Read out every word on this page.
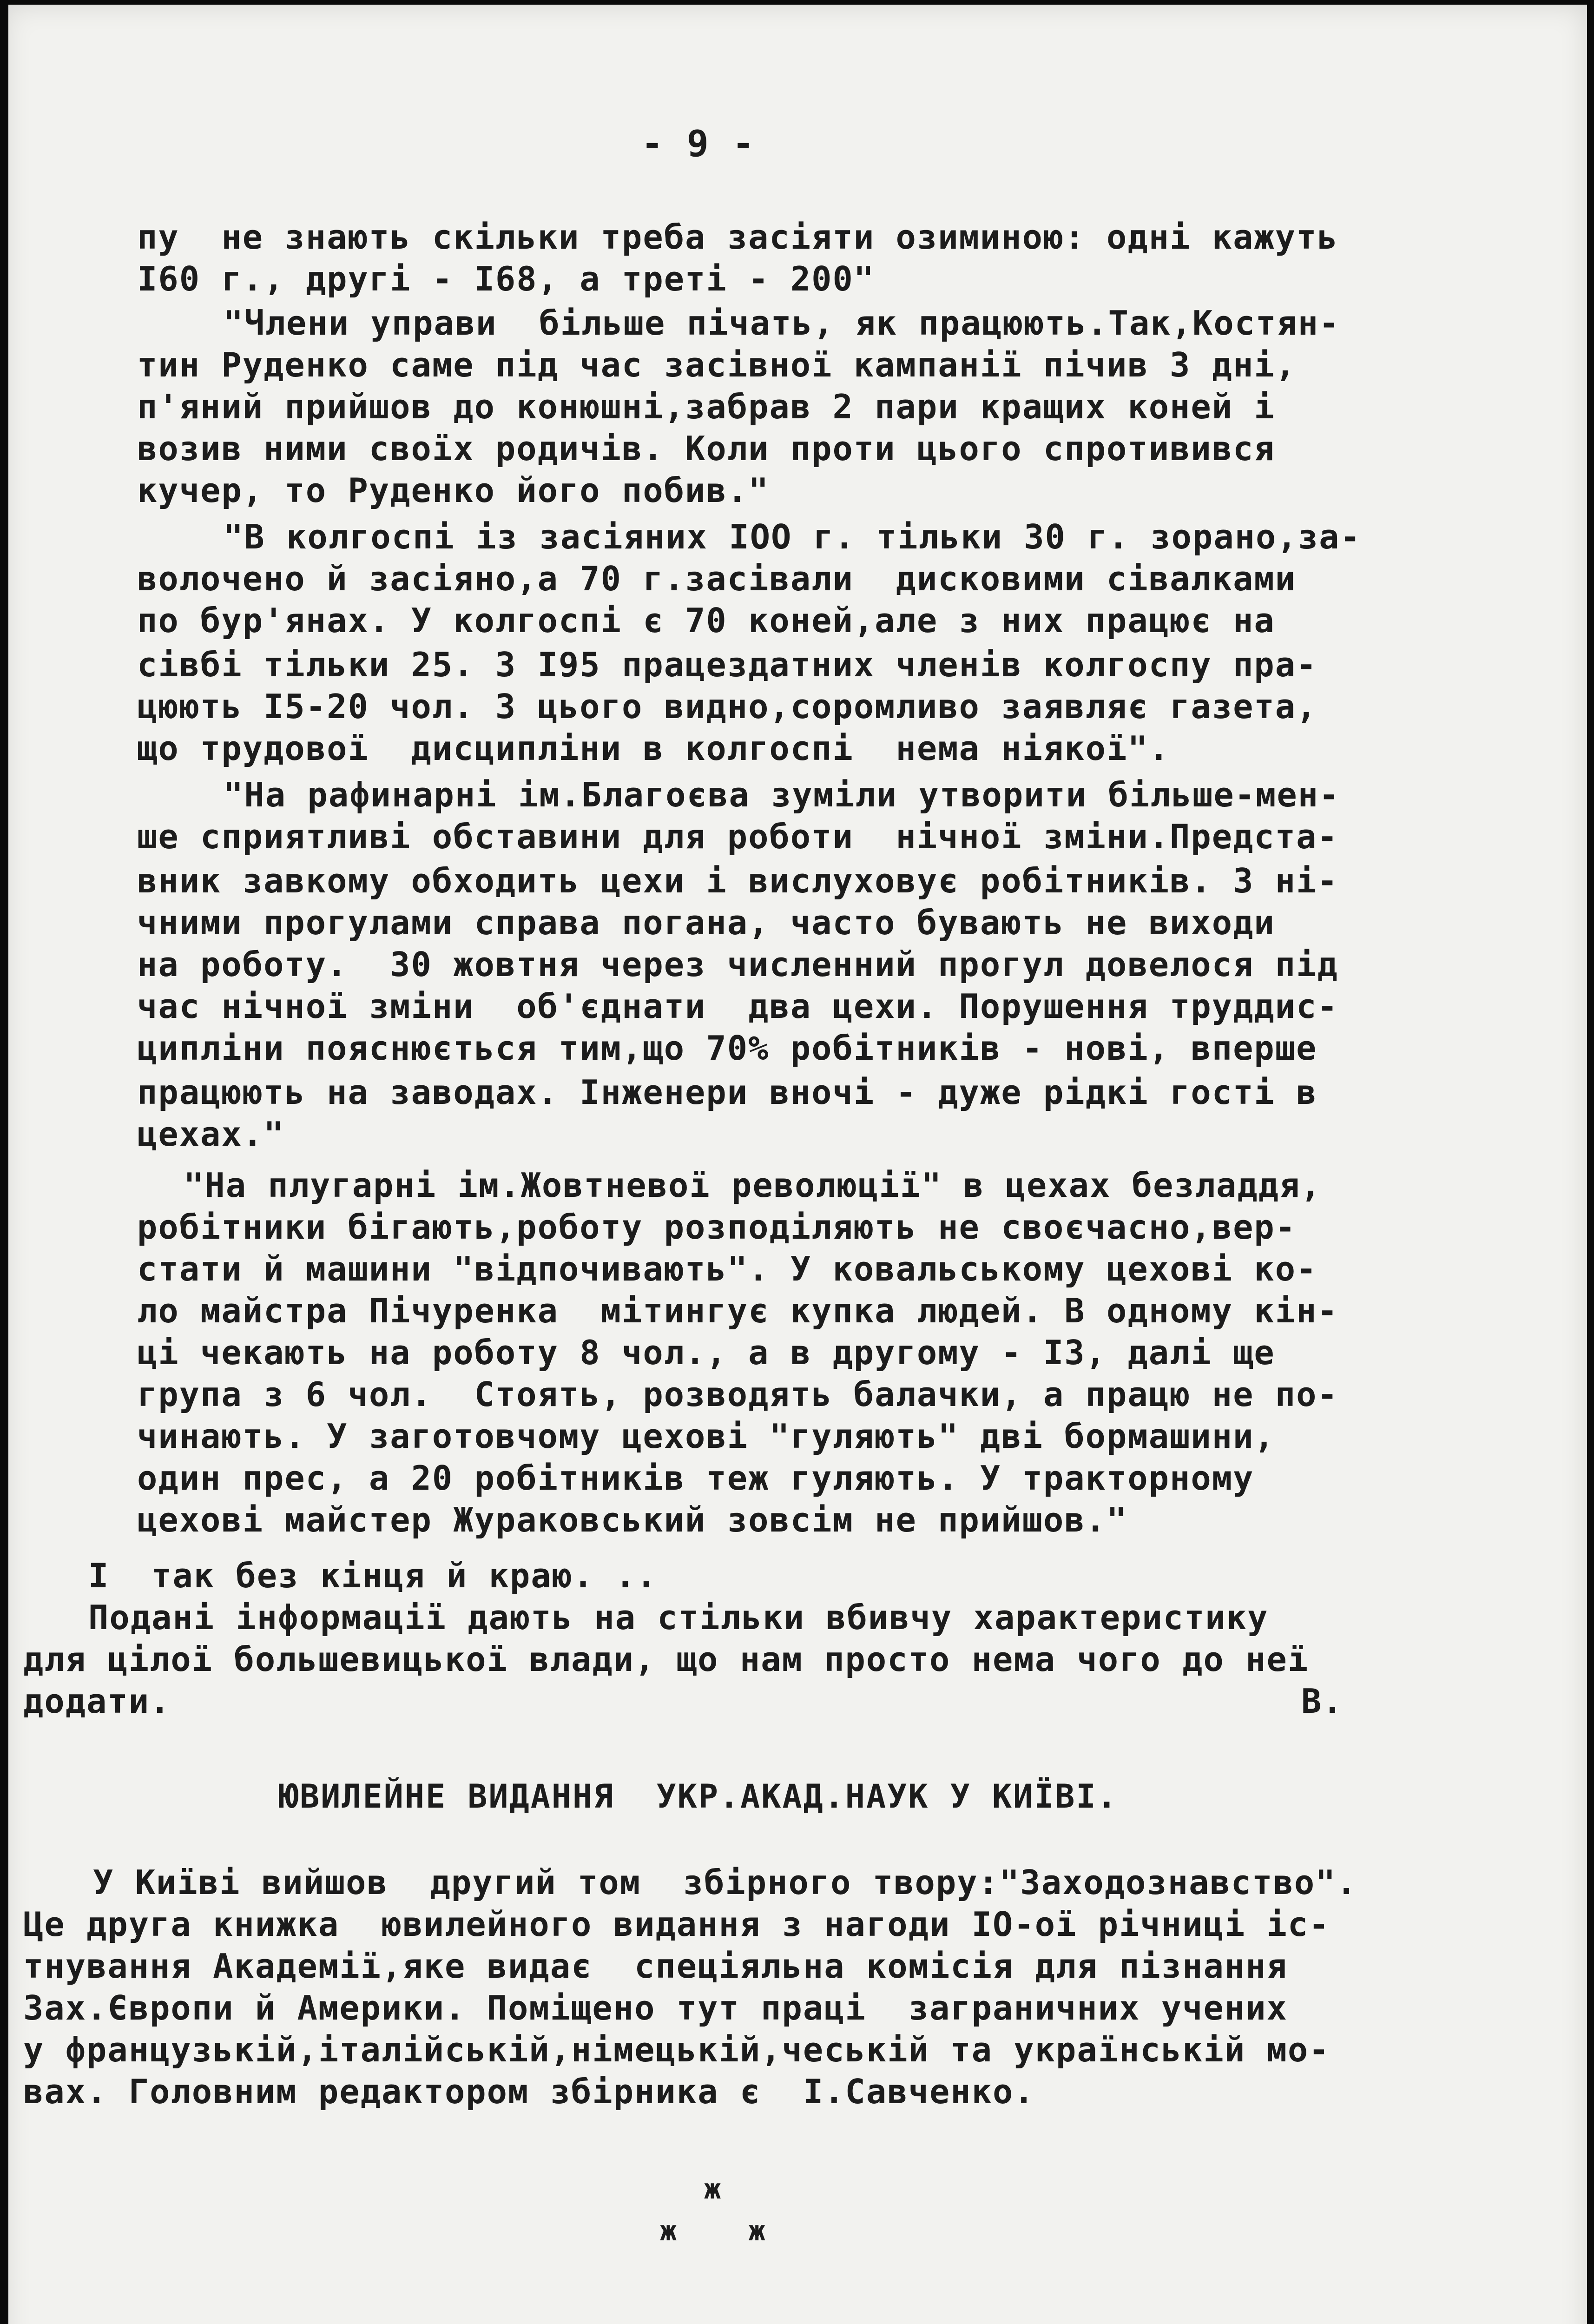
- 9 -
пу  не знають скільки треба засіяти озиминою: одні кажуть
I60 г., другі - I68, а треті - 200"
"Члени управи  більше пічать, як працюють.Так,Костян-
тин Руденко саме під час засівної кампанії пічив 3 дні,
п'яний прийшов до конюшні,забрав 2 пари кращих коней і
возив ними своїх родичів. Коли проти цього спротивився
кучер, то Руденко його побив."
"В колгоспі із засіяних IOO г. тільки 30 г. зорано,за-
волочено й засіяно,а 70 г.засівали  дисковими сівалками
по бур'янах. У колгоспі є 70 коней,але з них працює на
сівбі тільки 25. З I95 працездатних членів колгоспу пра-
цюють I5-20 чол. З цього видно,соромливо заявляє газета,
що трудової  дисципліни в колгоспі  нема ніякої".
"На рафинарні ім.Благоєва зуміли утворити більше-мен-
ше сприятливі обставини для роботи  нічної зміни.Предста-
вник завкому обходить цехи і вислуховує робітників. З ні-
чними прогулами справа погана, часто бувають не виходи
на роботу.  30 жовтня через численний прогул довелося під
час нічної зміни  об'єднати  два цехи. Порушення труддис-
ципліни пояснюється тим,що 70% робітників - нові, вперше
працюють на заводах. Інженери вночі - дуже рідкі гості в
цехах."
"На плугарні ім.Жовтневої революції" в цехах безладдя,
робітники бігають,роботу розподіляють не своєчасно,вер-
стати й машини "відпочивають". У ковальському цехові ко-
ло майстра Пічуренка  мітингує купка людей. В одному кін-
ці чекають на роботу 8 чол., а в другому - I3, далі ще
група з 6 чол.  Стоять, розводять балачки, а працю не по-
чинають. У заготовчому цехові "гуляють" дві бормашини,
один прес, а 20 робітників теж гуляють. У тракторному
цехові майстер Жураковський зовсім не прийшов."
I  так без кінця й краю. ..
Подані інформації дають на стільки вбивчу характеристику
для цілої большевицької влади, що нам просто нема чого до неї
додати.	В.
ЮВИЛЕЙНЕ ВИДАННЯ  УКР.АКАД.НАУК У КИЇВІ.
У Київі вийшов  другий том  збірного твору:"Заходознавство".
Це друга книжка  ювилейного видання з нагоди IO-ої річниці іс-
тнування Академії,яке видає  спеціяльна комісія для пізнання
Зах.Європи й Америки. Поміщено тут праці  заграничних учених
у французькій,італійській,німецькій,чеській та українській мо-
вах. Головним редактором збірника є  І.Савченко.
ж
ж    ж
